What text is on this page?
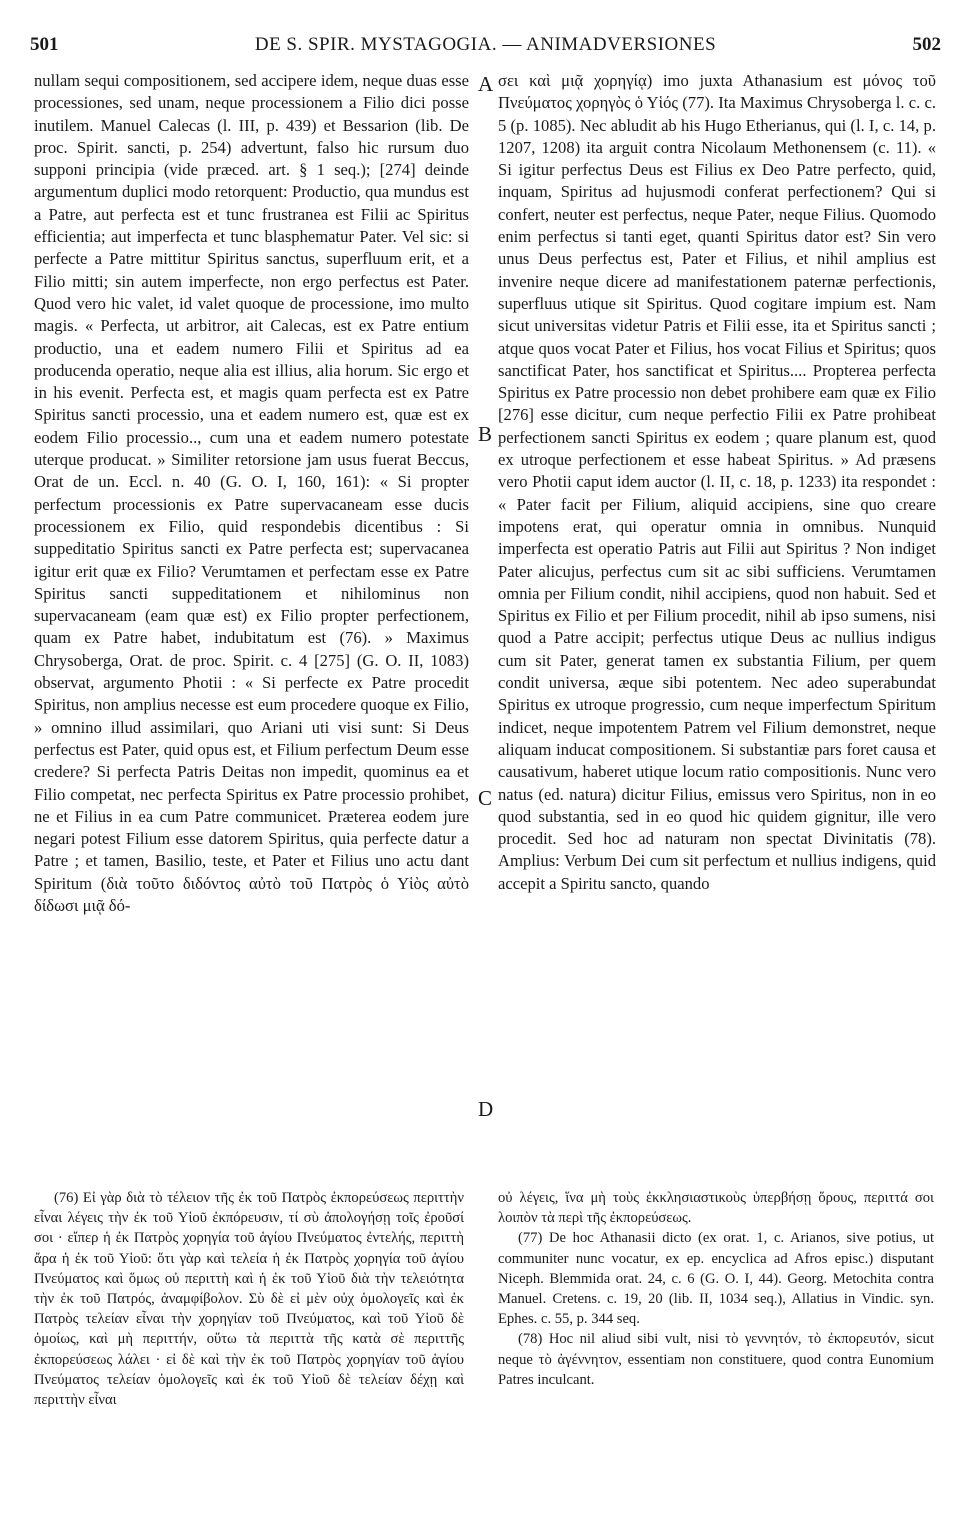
501	DE S. SPIR. MYSTAGOGIA. — ANIMADVERSIONES	502

nullam sequi compositionem, sed accipere idem, neque duas esse processiones, sed unam, neque processionem a Filio dici posse inutilem. Manuel Calecas (l. III, p. 439) et Bessarion (lib. De proc. Spirit. sancti, p. 254) advertunt, falso hic rursum duo supponi principia (vide præced. art. § 1 seq.); [274] deinde argumentum duplici modo retorquent: Productio, qua mundus est a Patre, aut perfecta est et tunc frustranea est Filii ac Spiritus efficientia; aut imperfecta et tunc blasphematur Pater. Vel sic: si perfecte a Patre mittitur Spiritus sanctus, superfluum erit, et a Filio mitti; sin autem imperfecte, non ergo perfectus est Pater. Quod vero hic valet, id valet quoque de processione, imo multo magis. « Perfecta, ut arbitror, ait Calecas, est ex Patre entium productio, una et eadem numero Filii et Spiritus ad ea producenda operatio, neque alia est illius, alia horum. Sic ergo et in his evenit. Perfecta est, et magis quam perfecta est ex Patre Spiritus sancti processio, una et eadem numero est, quæ est ex eodem Filio processio.., cum una et eadem numero potestate uterque producat. » Similiter retorsione jam usus fuerat Beccus, Orat de un. Eccl. n. 40 (G. O. I, 160, 161): « Si propter perfectum processionis ex Patre supervacaneam esse ducis processionem ex Filio, quid respondebis dicentibus : Si suppeditatio Spiritus sancti ex Patre perfecta est; supervacanea igitur erit quæ ex Filio? Verumtamen et perfectam esse ex Patre Spiritus sancti suppeditationem et nihilominus non supervacaneam (eam quæ est) ex Filio propter perfectionem, quam ex Patre habet, indubitatum est (76). » Maximus Chrysoberga, Orat. de proc. Spirit. c. 4 [275] (G. O. II, 1083) observat, argumento Photii : « Si perfecte ex Patre procedit Spiritus, non amplius necesse est eum procedere quoque ex Filio, » omnino illud assimilari, quo Ariani uti visi sunt: Si Deus perfectus est Pater, quid opus est, et Filium perfectum Deum esse credere? Si perfecta Patris Deitas non impedit, quominus ea et Filio competat, nec perfecta Spiritus ex Patre processio prohibet, ne et Filius in ea cum Patre communicet. Præterea eodem jure negari potest Filium esse datorem Spiritus, quia perfecte datur a Patre ; et tamen, Basilio, teste, et Pater et Filius uno actu dant Spiritum (διὰ τοῦτο διδόντος αὐτὸ τοῦ Πατρὸς ὁ Υἱὸς αὐτὸ δίδωσι μιᾷ δό-

σει καὶ μιᾷ χορηγίᾳ) imo juxta Athanasium est μόνος τοῦ Πνεύματος χορηγὸς ὁ Υἱός (77). Ita Maximus Chrysoberga l. c. c. 5 (p. 1085). Nec abludit ab his Hugo Etherianus, qui (l. I, c. 14, p. 1207, 1208) ita arguit contra Nicolaum Methonensem (c. 11). « Si igitur perfectus Deus est Filius ex Deo Patre perfecto, quid, inquam, Spiritus ad hujusmodi conferat perfectionem? Qui si confert, neuter est perfectus, neque Pater, neque Filius. Quomodo enim perfectus si tanti eget, quanti Spiritus dator est? Sin vero unus Deus perfectus est, Pater et Filius, et nihil amplius est invenire neque dicere ad manifestationem paternæ perfectionis, superfluus utique sit Spiritus. Quod cogitare impium est. Nam sicut universitas videtur Patris et Filii esse, ita et Spiritus sancti ; atque quos vocat Pater et Filius, hos vocat Filius et Spiritus; quos sanctificat Pater, hos sanctificat et Spiritus.... Propterea perfecta Spiritus ex Patre processio non debet prohibere eam quæ ex Filio [276] esse dicitur, cum neque perfectio Filii ex Patre prohibeat perfectionem sancti Spiritus ex eodem ; quare planum est, quod ex utroque perfectionem et esse habeat Spiritus. » Ad præsens vero Photii caput idem auctor (l. II, c. 18, p. 1233) ita respondet : « Pater facit per Filium, aliquid accipiens, sine quo creare impotens erat, qui operatur omnia in omnibus. Nunquid imperfecta est operatio Patris aut Filii aut Spiritus ? Non indiget Pater alicujus, perfectus cum sit ac sibi sufficiens. Verumtamen omnia per Filium condit, nihil accipiens, quod non habuit. Sed et Spiritus ex Filio et per Filium procedit, nihil ab ipso sumens, nisi quod a Patre accipit; perfectus utique Deus ac nullius indigus cum sit Pater, generat tamen ex substantia Filium, per quem condit universa, æque sibi potentem. Nec adeo superabundat Spiritus ex utroque progressio, cum neque imperfectum Spiritum indicet, neque impotentem Patrem vel Filium demonstret, neque aliquam inducat compositionem. Si substantiæ pars foret causa et causativum, haberet utique locum ratio compositionis. Nunc vero natus (ed. natura) dicitur Filius, emissus vero Spiritus, non in eo quod substantia, sed in eo quod hic quidem gignitur, ille vero procedit. Sed hoc ad naturam non spectat Divinitatis (78). Amplius: Verbum Dei cum sit perfectum et nullius indigens, quid accepit a Spiritu sancto, quando

A
B
C
D

(76) Εἰ γὰρ διὰ τὸ τέλειον τῆς ἐκ τοῦ Πατρὸς ἐκπορεύσεως περιττὴν εἶναι λέγεις τὴν ἐκ τοῦ Υἱοῦ ἐκπόρευσιν, τί σὺ ἀπολογήσῃ τοῖς ἐροῦσί σοι · εἴπερ ἡ ἐκ Πατρὸς χορηγία τοῦ ἁγίου Πνεύματος ἐντελής, περιττὴ ἄρα ἡ ἐκ τοῦ Υἱοῦ: ὅτι γὰρ καὶ τελεία ἡ ἐκ Πατρὸς χορηγία τοῦ ἁγίου Πνεύματος καὶ ὅμως οὐ περιττὴ καὶ ἡ ἐκ τοῦ Υἱοῦ διὰ τὴν τελειότητα τὴν ἐκ τοῦ Πατρός, ἀναμφίβολον. Σὺ δὲ εἰ μὲν οὐχ ὁμολογεῖς καὶ ἐκ Πατρὸς τελείαν εἶναι τὴν χορηγίαν τοῦ Πνεύματος, καὶ τοῦ Υἱοῦ δὲ ὁμοίως, καὶ μὴ περιττήν, οὕτω τὰ περιττὰ τῆς κατὰ σὲ περιττῆς ἐκπορεύσεως λάλει · εἰ δὲ καὶ τὴν ἐκ τοῦ Πατρὸς χορηγίαν τοῦ ἁγίου Πνεύματος τελείαν ὁμολογεῖς καὶ ἐκ τοῦ Υἱοῦ δὲ τελείαν δέχῃ καὶ περιττὴν εἶναι

οὐ λέγεις, ἵνα μὴ τοὺς ἐκκλησιαστικοὺς ὑπερβήσῃ ὅρους, περιττά σοι λοιπὸν τὰ περὶ τῆς ἐκπορεύσεως.

(77) De hoc Athanasii dicto (ex orat. 1, c. Arianos, sive potius, ut communiter nunc vocatur, ex ep. encyclica ad Afros episc.) disputant Niceph. Blemmida orat. 24, c. 6 (G. O. I, 44). Georg. Metochita contra Manuel. Cretens. c. 19, 20 (lib. II, 1034 seq.), Allatius in Vindic. syn. Ephes. c. 55, p. 344 seq.

(78) Hoc nil aliud sibi vult, nisi τὸ γεννητόν, τὸ ἐκπορευτόν, sicut neque τὸ ἀγέννητον, essentiam non constituere, quod contra Eunomium Patres inculcant.
